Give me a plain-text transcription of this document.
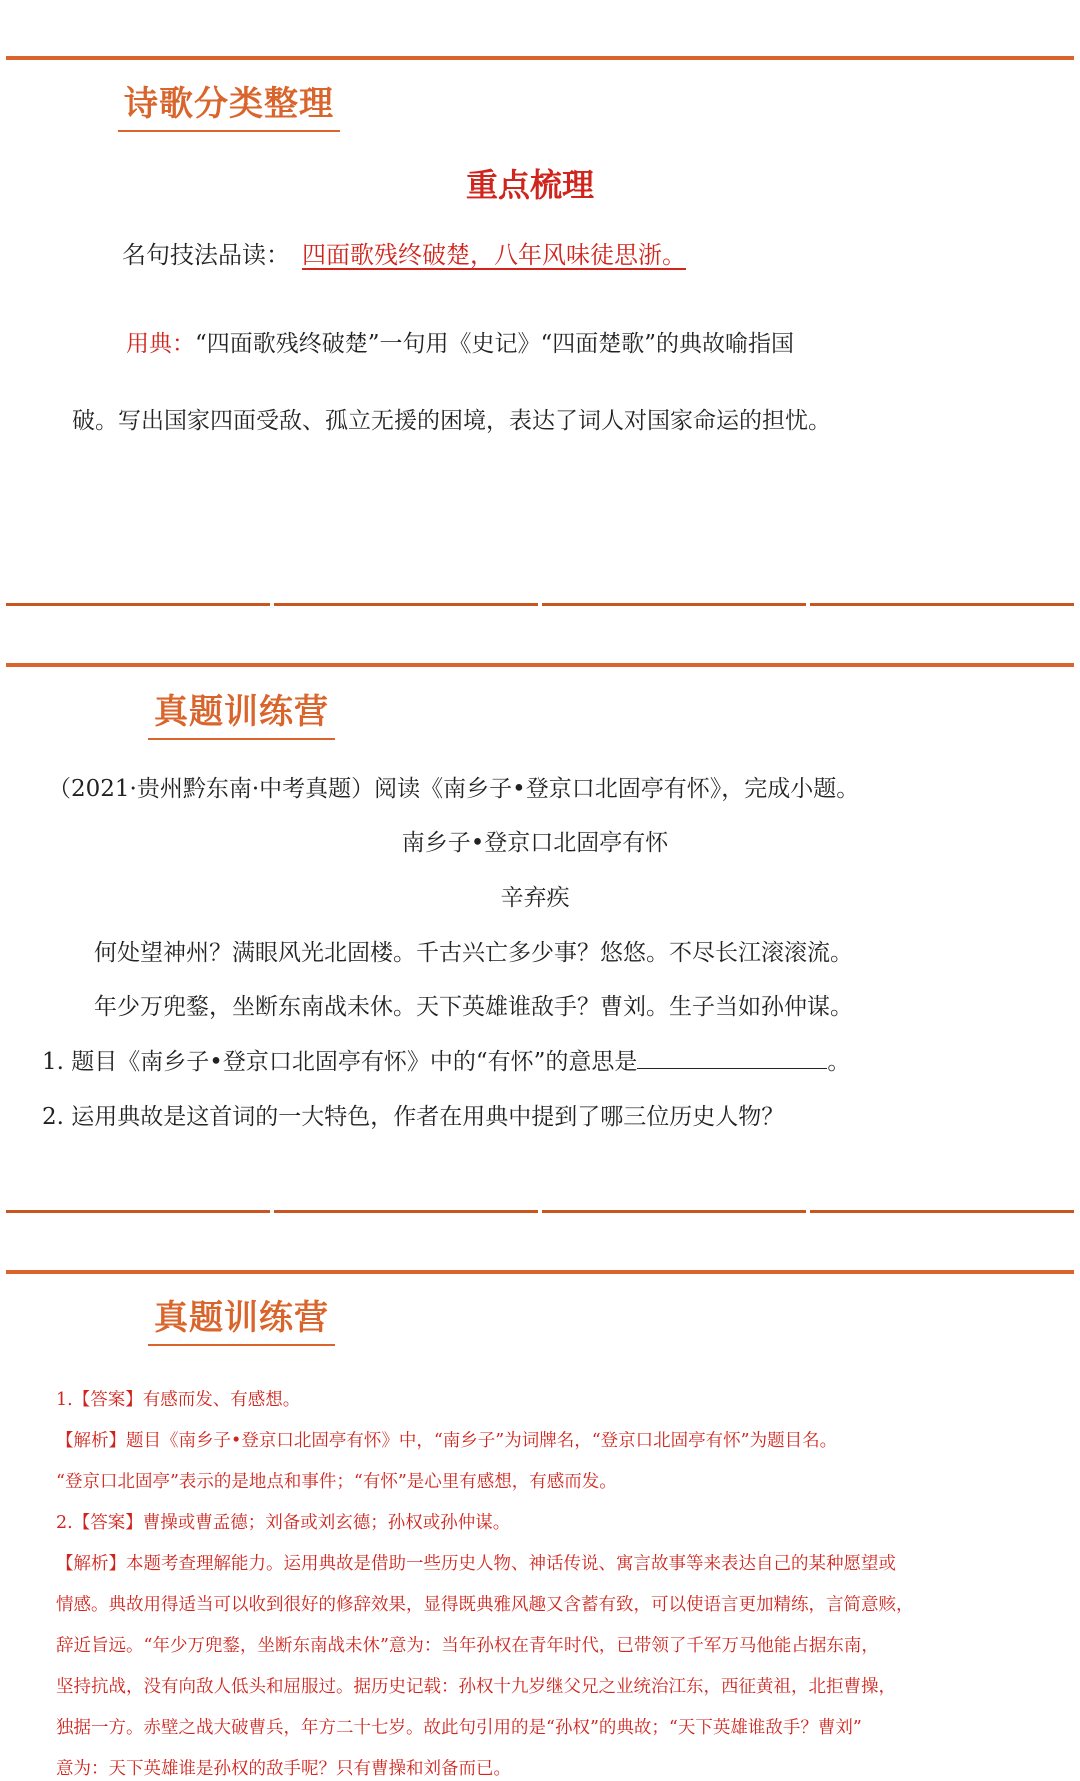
诗歌分类整理
重点梳理
名句技法品读： 四面歌残终破楚，八年风味徒思浙。
用典：“四面歌残终破楚”一句用《史记》“四面楚歌”的典故喻指国
破。写出国家四面受敌、孤立无援的困境，表达了词人对国家命运的担忧。
真题训练营
（2021·贵州黔东南·中考真题）阅读《南乡子•登京口北固亭有怀》，完成小题。
南乡子•登京口北固亭有怀
辛弃疾
何处望神州？满眼风光北固楼。千古兴亡多少事？悠悠。不尽长江滚滚流。
年少万兜鍪，坐断东南战未休。天下英雄谁敌手？曹刘。生子当如孙仲谋。
1. 题目《南乡子•登京口北固亭有怀》中的“有怀”的意思是	。
2. 运用典故是这首词的一大特色，作者在用典中提到了哪三位历史人物？
真题训练营
1.【答案】有感而发、有感想。
【解析】题目《南乡子•登京口北固亭有怀》中，“南乡子”为词牌名，“登京口北固亭有怀”为题目名。
“登京口北固亭”表示的是地点和事件；“有怀”是心里有感想，有感而发。
2.【答案】曹操或曹孟德；刘备或刘玄德；孙权或孙仲谋。
【解析】本题考查理解能力。运用典故是借助一些历史人物、神话传说、寓言故事等来表达自己的某种愿望或
情感。典故用得适当可以收到很好的修辞效果，显得既典雅风趣又含蓄有致，可以使语言更加精练，言简意赅，
辞近旨远。“年少万兜鍪，坐断东南战未休”意为：当年孙权在青年时代，已带领了千军万马他能占据东南，
坚持抗战，没有向敌人低头和屈服过。据历史记载：孙权十九岁继父兄之业统治江东，西征黄祖，北拒曹操，
独据一方。赤壁之战大破曹兵，年方二十七岁。故此句引用的是“孙权”的典故；“天下英雄谁敌手？曹刘”
意为：天下英雄谁是孙权的敌手呢？只有曹操和刘备而已。
